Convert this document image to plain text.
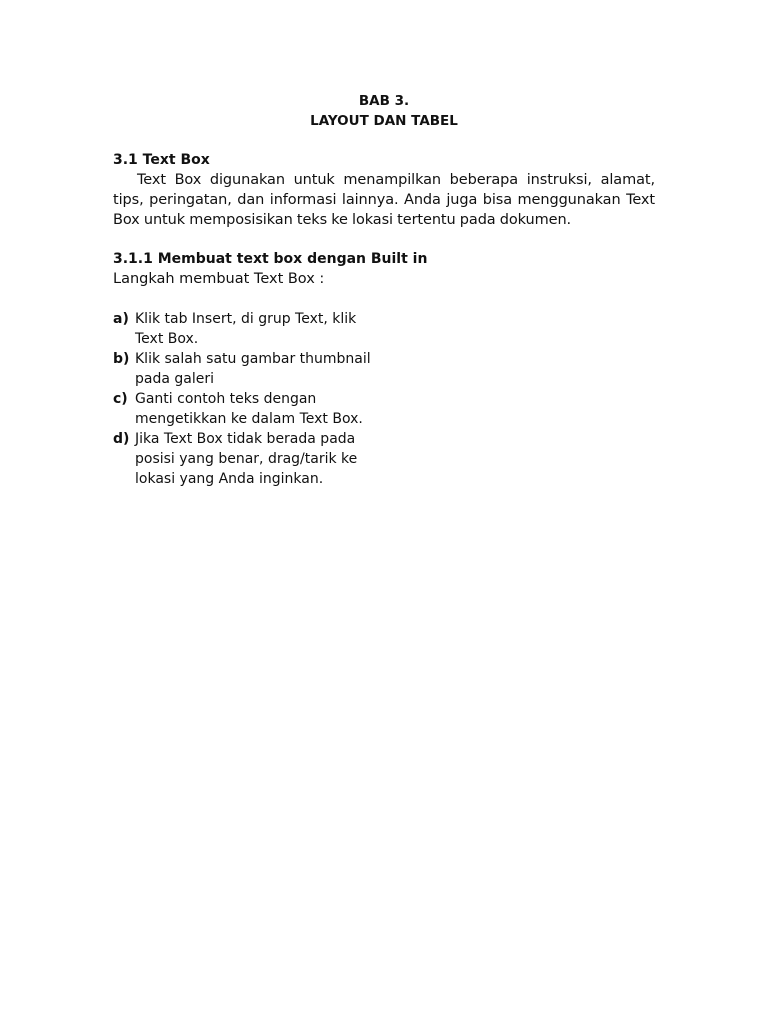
BAB 3.
LAYOUT DAN TABEL
3.1 Text Box
Text Box digunakan untuk menampilkan beberapa instruksi, alamat, tips, peringatan, dan informasi lainnya. Anda juga bisa menggunakan Text Box untuk memposisikan teks ke lokasi tertentu pada dokumen.
3.1.1 Membuat text box dengan Built in
Langkah membuat Text Box :
a) Klik tab Insert, di grup Text, klik Text Box.
b) Klik salah satu gambar thumbnail pada galeri
c) Ganti contoh teks dengan mengetikkan ke dalam Text Box.
d) Jika Text Box tidak berada pada posisi yang benar, drag/tarik ke lokasi yang Anda inginkan.
